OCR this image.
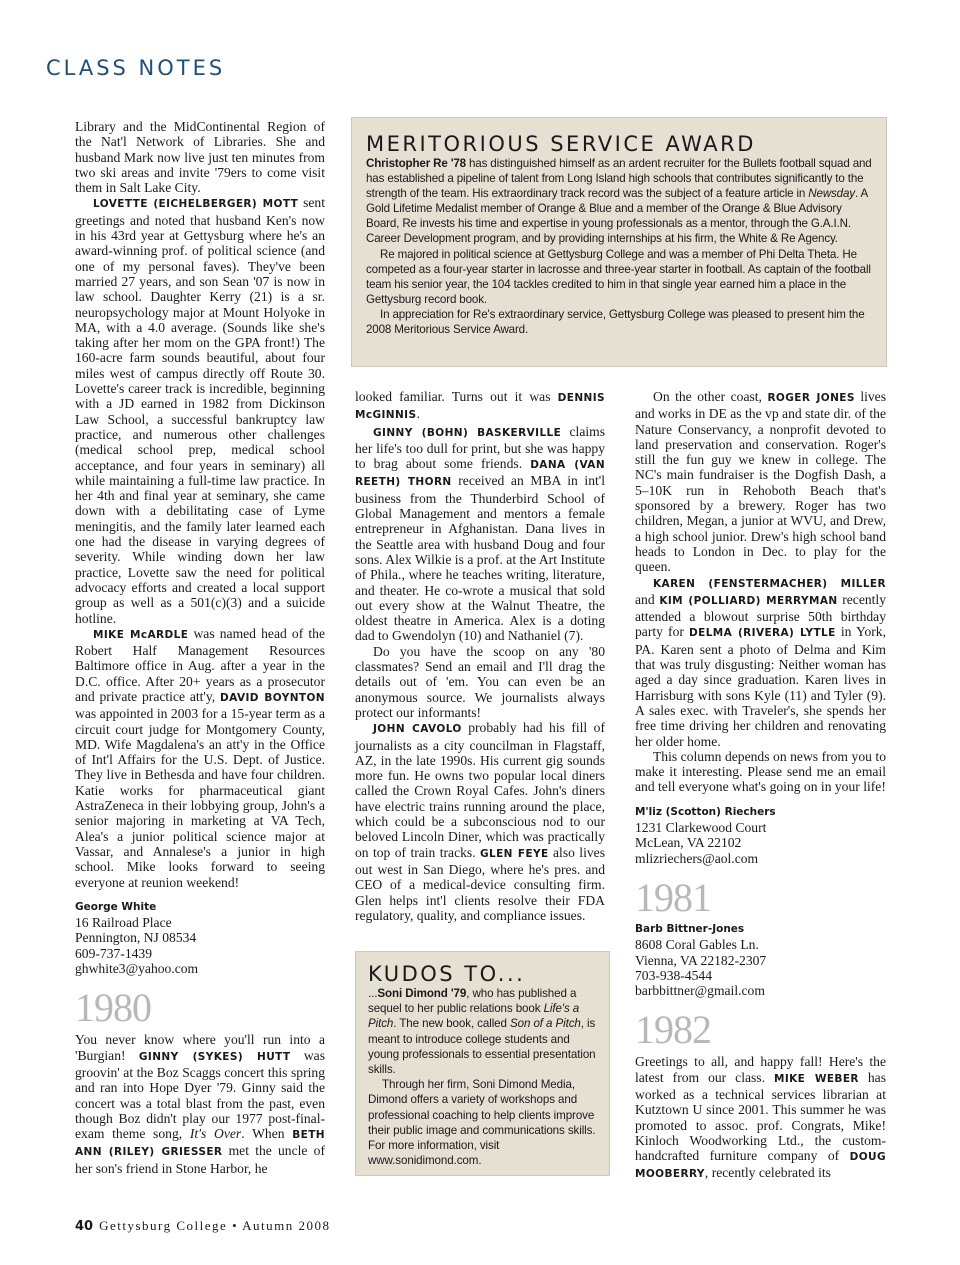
CLASS NOTES

Library and the MidContinental Region of the Nat'l Network of Libraries. She and husband Mark now live just ten minutes from two ski areas and invite '79ers to come visit them in Salt Lake City.

LOVETTE (EICHELBERGER) MOTT sent greetings and noted that husband Ken's now in his 43rd year at Gettysburg where he's an award-winning prof. of political science (and one of my personal faves). They've been married 27 years, and son Sean '07 is now in law school. Daughter Kerry (21) is a sr. neuropsychology major at Mount Holyoke in MA, with a 4.0 average. (Sounds like she's taking after her mom on the GPA front!) The 160-acre farm sounds beautiful, about four miles west of campus directly off Route 30. Lovette's career track is incredible, beginning with a JD earned in 1982 from Dickinson Law School, a successful bankruptcy law practice, and numerous other challenges (medical school prep, medical school acceptance, and four years in seminary) all while maintaining a full-time law practice. In her 4th and final year at seminary, she came down with a debilitating case of Lyme meningitis, and the family later learned each one had the disease in varying degrees of severity. While winding down her law practice, Lovette saw the need for political advocacy efforts and created a local support group as well as a 501(c)(3) and a suicide hotline.

MIKE McARDLE was named head of the Robert Half Management Resources Baltimore office in Aug. after a year in the D.C. office. After 20+ years as a prosecutor and private practice att'y, DAVID BOYNTON was appointed in 2003 for a 15-year term as a circuit court judge for Montgomery County, MD. Wife Magdalena's an att'y in the Office of Int'l Affairs for the U.S. Dept. of Justice. They live in Bethesda and have four children. Katie works for pharmaceutical giant AstraZeneca in their lobbying group, John's a senior majoring in marketing at VA Tech, Alea's a junior political science major at Vassar, and Annalese's a junior in high school. Mike looks forward to seeing everyone at reunion weekend!

George White
16 Railroad Place
Pennington, NJ 08534
609-737-1439
ghwhite3@yahoo.com
1980

You never know where you'll run into a 'Burgian! GINNY (SYKES) HUTT was groovin' at the Boz Scaggs concert this spring and ran into Hope Dyer '79. Ginny said the concert was a total blast from the past, even though Boz didn't play our 1977 post-final-exam theme song, It's Over. When BETH ANN (RILEY) GRIESSER met the uncle of her son's friend in Stone Harbor, he

MERITORIOUS SERVICE AWARD

Christopher Re '78 has distinguished himself as an ardent recruiter for the Bullets football squad and has established a pipeline of talent from Long Island high schools that contributes significantly to the strength of the team. His extraordinary track record was the subject of a feature article in Newsday. A Gold Lifetime Medalist member of Orange & Blue and a member of the Orange & Blue Advisory Board, Re invests his time and expertise in young professionals as a mentor, through the G.A.I.N. Career Development program, and by providing internships at his firm, the White & Re Agency.

Re majored in political science at Gettysburg College and was a member of Phi Delta Theta. He competed as a four-year starter in lacrosse and three-year starter in football. As captain of the football team his senior year, the 104 tackles credited to him in that single year earned him a place in the Gettysburg record book.

In appreciation for Re's extraordinary service, Gettysburg College was pleased to present him the 2008 Meritorious Service Award.

looked familiar. Turns out it was DENNIS McGINNIS.

GINNY (BOHN) BASKERVILLE claims her life's too dull for print, but she was happy to brag about some friends. DANA (VAN REETH) THORN received an MBA in int'l business from the Thunderbird School of Global Management and mentors a female entrepreneur in Afghanistan. Dana lives in the Seattle area with husband Doug and four sons. Alex Wilkie is a prof. at the Art Institute of Phila., where he teaches writing, literature, and theater. He co-wrote a musical that sold out every show at the Walnut Theatre, the oldest theatre in America. Alex is a doting dad to Gwendolyn (10) and Nathaniel (7).

Do you have the scoop on any '80 classmates? Send an email and I'll drag the details out of 'em. You can even be an anonymous source. We journalists always protect our informants!

JOHN CAVOLO probably had his fill of journalists as a city councilman in Flagstaff, AZ, in the late 1990s. His current gig sounds more fun. He owns two popular local diners called the Crown Royal Cafes. John's diners have electric trains running around the place, which could be a subconscious nod to our beloved Lincoln Diner, which was practically on top of train tracks. GLEN FEYE also lives out west in San Diego, where he's pres. and CEO of a medical-device consulting firm. Glen helps int'l clients resolve their FDA regulatory, quality, and compliance issues.

KUDOS TO...

...Soni Dimond '79, who has published a sequel to her public relations book Life's a Pitch. The new book, called Son of a Pitch, is meant to introduce college students and young professionals to essential presentation skills.

Through her firm, Soni Dimond Media, Dimond offers a variety of workshops and professional coaching to help clients improve their public image and communications skills. For more information, visit www.sonidimond.com.

On the other coast, ROGER JONES lives and works in DE as the vp and state dir. of the Nature Conservancy, a nonprofit devoted to land preservation and conservation. Roger's still the fun guy we knew in college. The NC's main fundraiser is the Dogfish Dash, a 5–10K run in Rehoboth Beach that's sponsored by a brewery. Roger has two children, Megan, a junior at WVU, and Drew, a high school junior. Drew's high school band heads to London in Dec. to play for the queen.

KAREN (FENSTERMACHER) MILLER and KIM (POLLIARD) MERRYMAN recently attended a blowout surprise 50th birthday party for DELMA (RIVERA) LYTLE in York, PA. Karen sent a photo of Delma and Kim that was truly disgusting: Neither woman has aged a day since graduation. Karen lives in Harrisburg with sons Kyle (11) and Tyler (9). A sales exec. with Traveler's, she spends her free time driving her children and renovating her older home.

This column depends on news from you to make it interesting. Please send me an email and tell everyone what's going on in your life!

M'liz (Scotton) Riechers
1231 Clarkewood Court
McLean, VA 22102
mlizriechers@aol.com
1981
Barb Bittner-Jones
8608 Coral Gables Ln.
Vienna, VA 22182-2307
703-938-4544
barbbittner@gmail.com
1982

Greetings to all, and happy fall! Here's the latest from our class. MIKE WEBER has worked as a technical services librarian at Kutztown U since 2001. This summer he was promoted to assoc. prof. Congrats, Mike! Kinloch Woodworking Ltd., the custom-handcrafted furniture company of DOUG MOOBERRY, recently celebrated its

40 Gettysburg College • Autumn 2008
